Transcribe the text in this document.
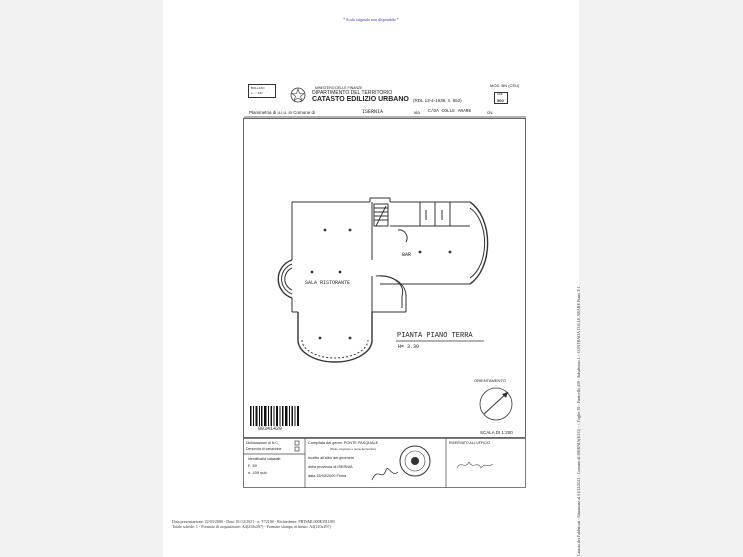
* Scala originale non disponibile *
BOLLATO
L. ... 497
MINISTERO DELLE FINANZE
DIPARTIMENTO DEL TERRITORIO
CATASTO EDILIZIO URBANO (RDL 13-4-1939, n. 652)
MOD. BN (CEU)
LIRE
500
Planimetria di u.i.u. in Comune di	ISERNIA	via C/DA COLLE ARARE	civ.
BAR
SALA RISTORANTE
PIANTA PIANO TERRA
H= 3.30
ORIENTAMENTO
SCALA DI 1:200
00341420
Dichiarazione di N.C.
Denuncia di variazione
Identificativi catastali:
F. 39
n. 439 sub.
Compilata dal geom. PONTE PASQUALE
(Titolo, cognome e nome del tecnico)
Iscritto all'albo dei geometri
della provincia di ISERNIA
data 16/03/2000 Firma
RISERVATO ALL'UFFICIO
Data presentazione: 22/03/2000 - Data: 01/12/2021 - n. T72180 - Richiedente: FRTSML000E35I138I
Totale schede: 1 - Formato di acquisizione: A4(210x297) - Formato stampa richiesto: A4(210x297)	Catasto dei Fabbricati - Situazione al 01/12/2021 - Comune di ISERNIA(E335) - < Foglio 39 - Particella 439 - Subalterno 1 > CONTRADA COLLE ARARE Piano T-1
